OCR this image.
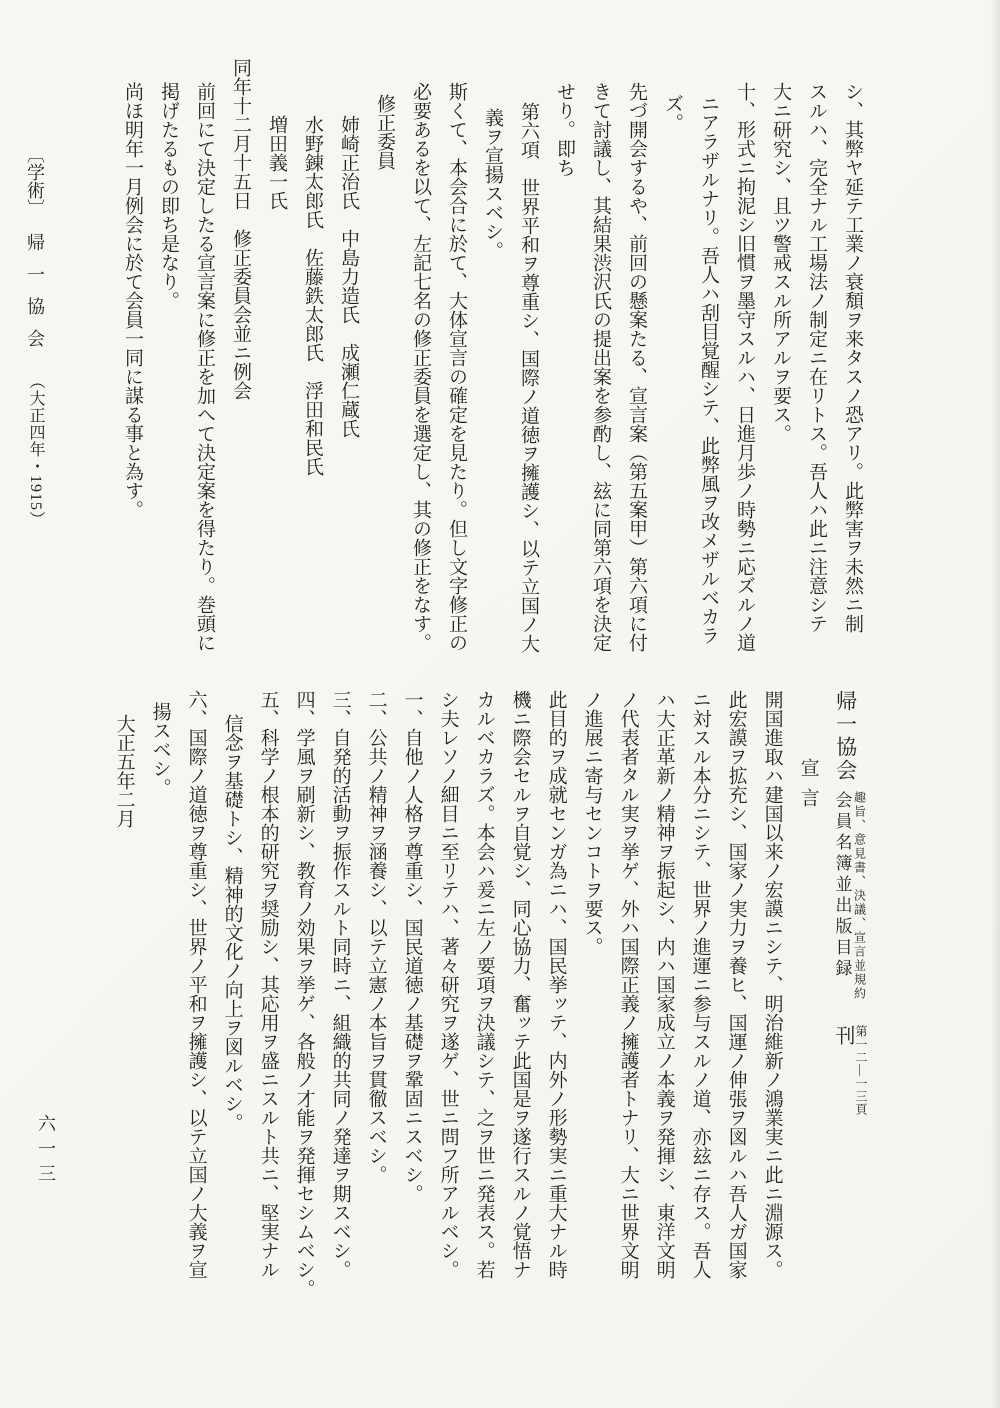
〔学術〕帰一協会（大正四年・1915）	シ、其弊ヤ延テ工業ノ衰頽ヲ来タスノ恐アリ。此弊害ヲ未然ニ制
スルハ、完全ナル工場法ノ制定ニ在リトス。吾人ハ此ニ注意シテ
大ニ研究シ、且ツ警戒スル所アルヲ要ス。
十、形式ニ拘泥シ旧慣ヲ墨守スルハ、日進月歩ノ時勢ニ応ズルノ道
ニアラザルナリ。吾人ハ刮目覚醒シテ、此弊風ヲ改メザルベカラ
ズ。
先づ開会するや、前回の懸案たる、宣言案（第五案甲）第六項に付
きて討議し、其結果渋沢氏の提出案を参酌し、玆に同第六項を決定
せり。即ち
第六項　世界平和ヲ尊重シ、国際ノ道徳ヲ擁護シ、以テ立国ノ大
義ヲ宣揚スベシ。
斯くて、本会合に於て、大体宣言の確定を見たり。但し文字修正の
必要あるを以て、左記七名の修正委員を選定し、其の修正をなす。
修正委員
姉崎正治氏　中島力造氏　成瀬仁蔵氏
水野錬太郎氏　佐藤鉄太郎氏　浮田和民氏
増田義一氏
同年十二月十五日　修正委員会並ニ例会
前回にて決定したる宣言案に修正を加へて決定案を得たり。巻頭に
掲げたるもの即ち是なり。
尚ほ明年一月例会に於て会員一同に謀る事と為す。
帰一協会
趣旨、意見書、決議、宣言並規約
会員名簿並出版目録
第一二―一三頁
刊
宣言
開国進取ハ建国以来ノ宏謨ニシテ、明治維新ノ鴻業実ニ此ニ淵源ス。
此宏謨ヲ拡充シ、国家ノ実力ヲ養ヒ、国運ノ伸張ヲ図ルハ吾人ガ国家
ニ対スル本分ニシテ、世界ノ進運ニ参与スルノ道、亦玆ニ存ス。吾人
ハ大正革新ノ精神ヲ振起シ、内ハ国家成立ノ本義ヲ発揮シ、東洋文明
ノ代表者タル実ヲ挙ゲ、外ハ国際正義ノ擁護者トナリ、大ニ世界文明
ノ進展ニ寄与センコトヲ要ス。
此目的ヲ成就センガ為ニハ、国民挙ッテ、内外ノ形勢実ニ重大ナル時
機ニ際会セルヲ自覚シ、同心協力、奮ッテ此国是ヲ遂行スルノ覚悟ナ
カルベカラズ。本会ハ爰ニ左ノ要項ヲ決議シテ、之ヲ世ニ発表ス。若
シ夫レソノ細目ニ至リテハ、著々研究ヲ遂ゲ、世ニ問フ所アルベシ。
一、自他ノ人格ヲ尊重シ、国民道徳ノ基礎ヲ鞏固ニスベシ。
二、公共ノ精神ヲ涵養シ、以テ立憲ノ本旨ヲ貫徹スベシ。
三、自発的活動ヲ振作スルト同時ニ、組織的共同ノ発達ヲ期スベシ。
四、学風ヲ刷新シ、教育ノ効果ヲ挙ゲ、各般ノ才能ヲ発揮セシムベシ。
五、科学ノ根本的研究ヲ奨励シ、其応用ヲ盛ニスルト共ニ、堅実ナル
信念ヲ基礎トシ、精神的文化ノ向上ヲ図ルベシ。
六、国際ノ道徳ヲ尊重シ、世界ノ平和ヲ擁護シ、以テ立国ノ大義ヲ宣
揚スベシ。
大正五年二月
六一三
